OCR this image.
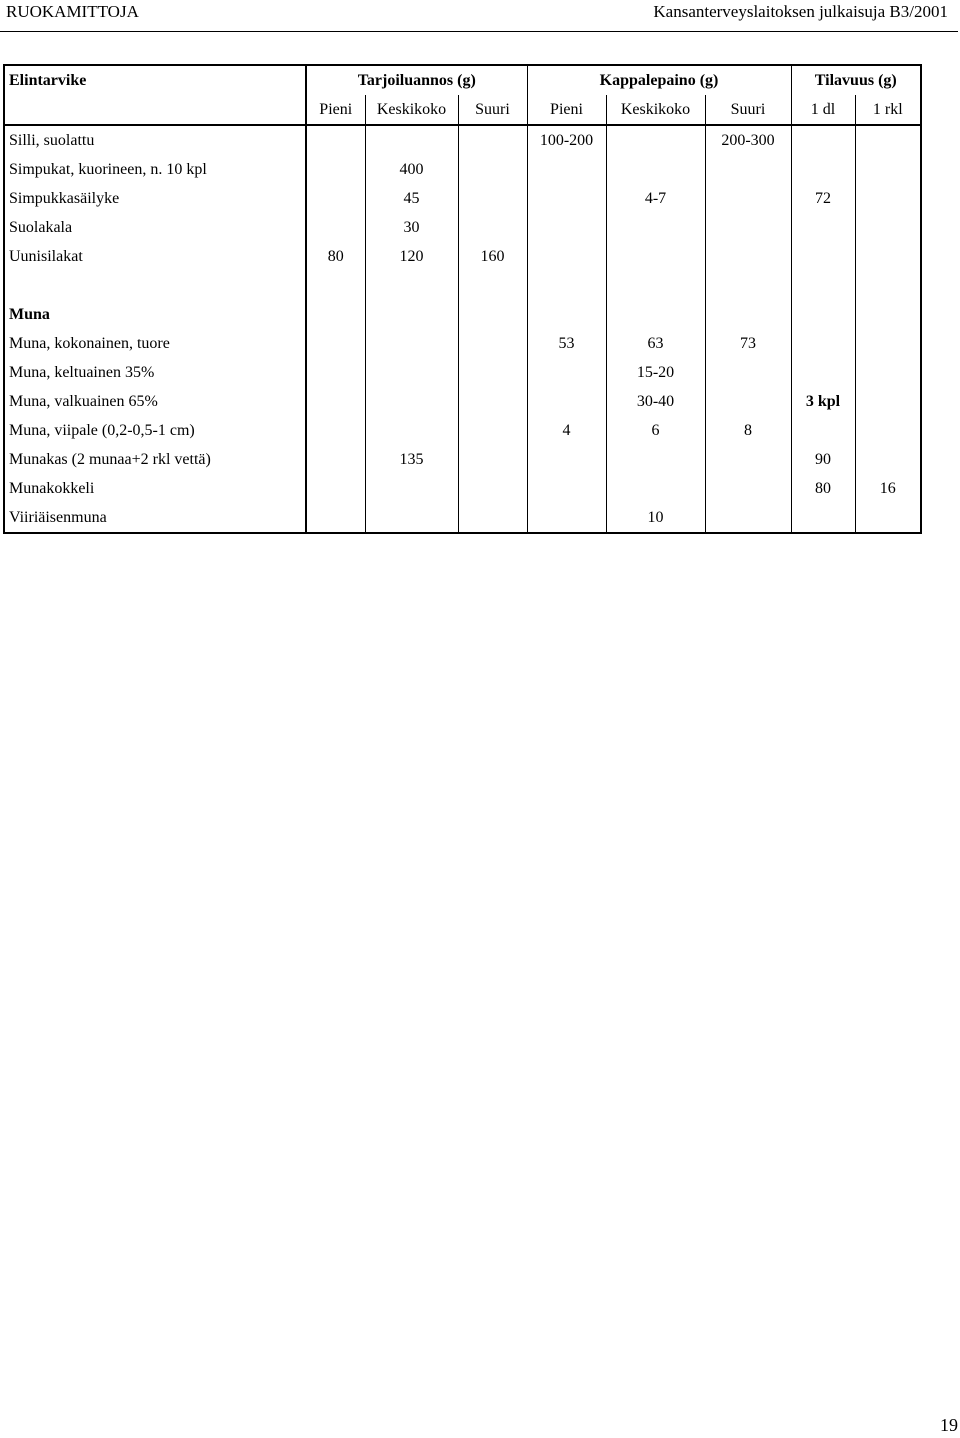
RUOKAMITTOJA	Kansanterveyslaitoksen julkaisuja B3/2001
Elintarvike	Tarjoiluannos (g)			Kappalepaino (g)			Tilavuus (g)	
	Pieni	Keskikoko	Suuri	Pieni	Keskikoko	Suuri	1 dl	1 rkl
Silli, suolattu				100-200		200-300		
Simpukat, kuorineen, n. 10 kpl		400						
Simpukkasäilyke		45			4-7		72	
Suolakala		30						
Uunisilakat	80	120	160					

Muna								
Muna, kokonainen, tuore				53	63	73		
Muna, keltuainen 35%					15-20			
Muna, valkuainen 65%					30-40		3 kpl	
Muna, viipale (0,2-0,5-1 cm)				4	6	8		
Munakas (2 munaa+2 rkl vettä)		135					90	
Munakokkeli							80	16
Viiriäisenmuna					10			
19
